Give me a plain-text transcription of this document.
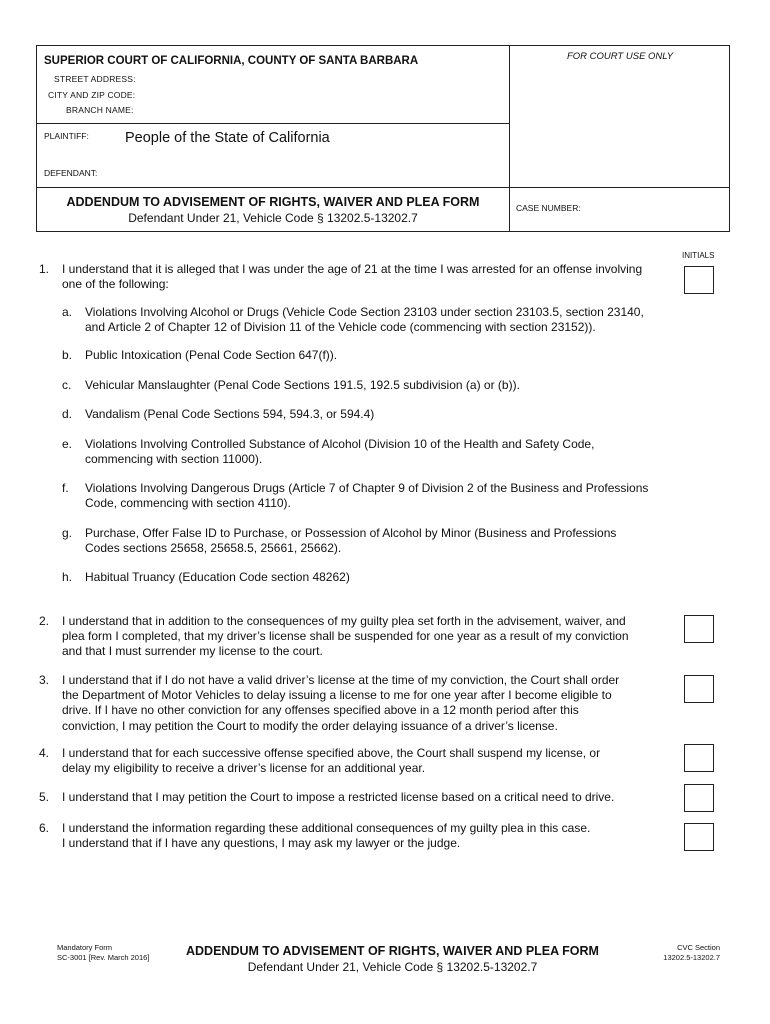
SUPERIOR COURT OF CALIFORNIA, COUNTY OF SANTA BARBARA	FOR COURT USE ONLY
STREET ADDRESS:
CITY AND ZIP CODE:
BRANCH NAME:
PLAINTIFF: People of the State of California
DEFENDANT:
ADDENDUM TO ADVISEMENT OF RIGHTS, WAIVER AND PLEA FORM
Defendant Under 21, Vehicle Code § 13202.5-13202.7
CASE NUMBER:
INITIALS
1. I understand that it is alleged that I was under the age of 21 at the time I was arrested for an offense involving
one of the following:
a. Violations Involving Alcohol or Drugs (Vehicle Code Section 23103 under section 23103.5, section 23140,
and Article 2 of Chapter 12 of Division 11 of the Vehicle code (commencing with section 23152)).
b. Public Intoxication (Penal Code Section 647(f)).
c. Vehicular Manslaughter (Penal Code Sections 191.5, 192.5 subdivision (a) or (b)).
d. Vandalism (Penal Code Sections 594, 594.3, or 594.4)
e. Violations Involving Controlled Substance of Alcohol (Division 10 of the Health and Safety Code,
commencing with section 11000).
f. Violations Involving Dangerous Drugs (Article 7 of Chapter 9 of Division 2 of the Business and Professions
Code, commencing with section 4110).
g. Purchase, Offer False ID to Purchase, or Possession of Alcohol by Minor (Business and Professions
Codes sections 25658, 25658.5, 25661, 25662).
h. Habitual Truancy (Education Code section 48262)
2. I understand that in addition to the consequences of my guilty plea set forth in the advisement, waiver, and
plea form I completed, that my driver’s license shall be suspended for one year as a result of my conviction
and that I must surrender my license to the court.
3. I understand that if I do not have a valid driver’s license at the time of my conviction, the Court shall order
the Department of Motor Vehicles to delay issuing a license to me for one year after I become eligible to
drive. If I have no other conviction for any offenses specified above in a 12 month period after this
conviction, I may petition the Court to modify the order delaying issuance of a driver’s license.
4. I understand that for each successive offense specified above, the Court shall suspend my license, or
delay my eligibility to receive a driver’s license for an additional year.
5. I understand that I may petition the Court to impose a restricted license based on a critical need to drive.
6. I understand the information regarding these additional consequences of my guilty plea in this case.
I understand that if I have any questions, I may ask my lawyer or the judge.
Mandatory Form
SC-3001 [Rev. March 2016]	ADDENDUM TO ADVISEMENT OF RIGHTS, WAIVER AND PLEA FORM
Defendant Under 21, Vehicle Code § 13202.5-13202.7
CVC Section
13202.5-13202.7
